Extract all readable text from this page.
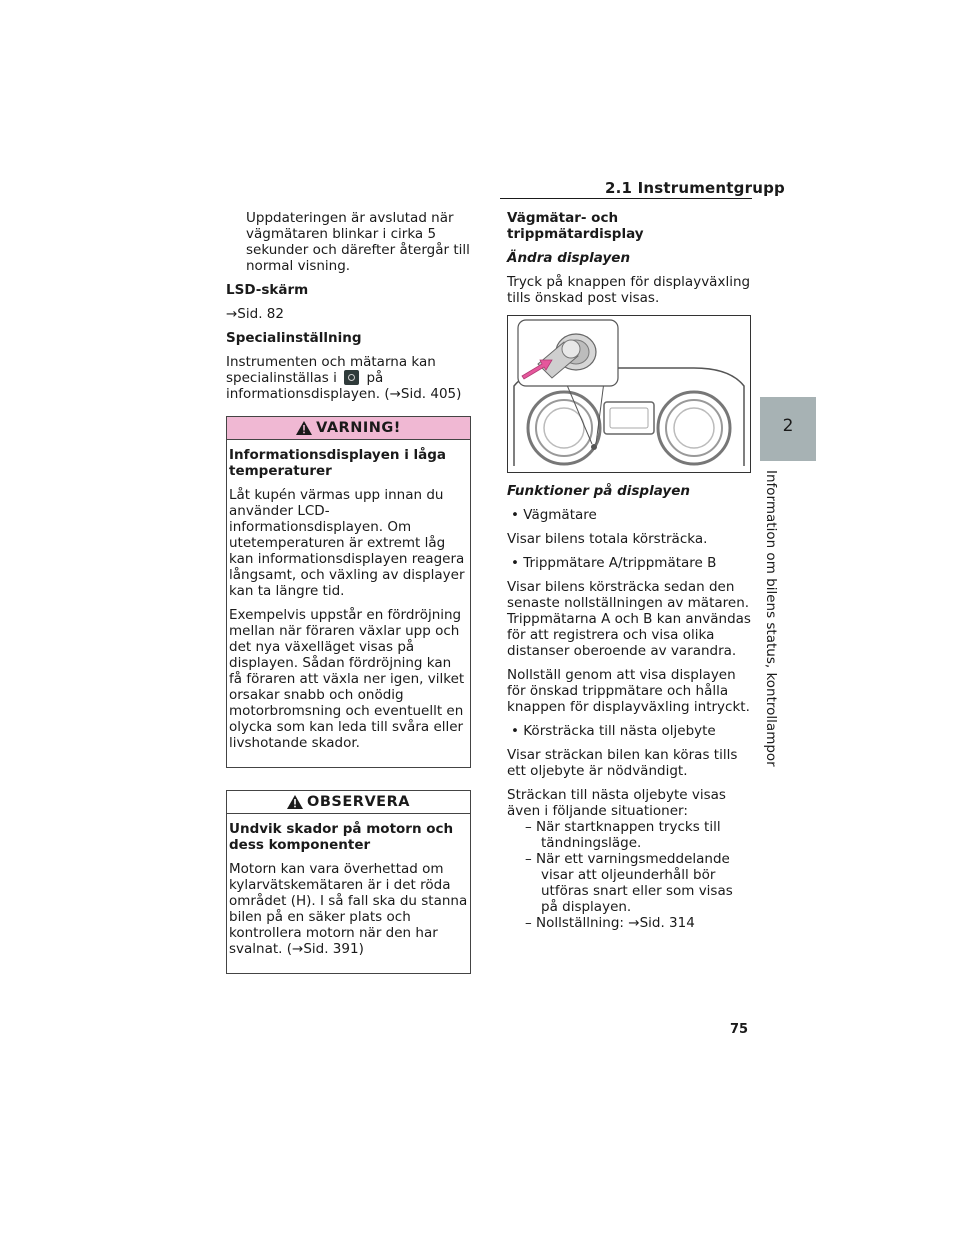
2.1 Instrumentgrupp
2
Information om bilens status, kontrollampor

Uppdateringen är avslutad när vägmätaren blinkar i cirka 5 sekunder och därefter återgår till normal visning.

LSD-skärm

→Sid. 82

Specialinställning

Instrumenten och mätarna kan specialinställas i på informationsdisplayen. (→Sid. 405)

VARNING!

Informationsdisplayen i låga temperaturer

Låt kupén värmas upp innan du använder LCD-informationsdisplayen. Om utetemperaturen är extremt låg kan informationsdisplayen reagera långsamt, och växling av displayer kan ta längre tid.

Exempelvis uppstår en fördröjning mellan när föraren växlar upp och det nya växelläget visas på displayen. Sådan fördröjning kan få föraren att växla ner igen, vilket orsakar snabb och onödig motorbromsning och eventuellt en olycka som kan leda till svåra eller livshotande skador.

OBSERVERA

Undvik skador på motorn och dess komponenter

Motorn kan vara överhettad om kylarvätskemätaren är i det röda området (H). I så fall ska du stanna bilen på en säker plats och kontrollera motorn när den har svalnat. (→Sid. 391)

Vägmätar- och trippmätardisplay

Ändra displayen

Tryck på knappen för displayväxling tills önskad post visas.

Funktioner på displayen

• Vägmätare

Visar bilens totala körsträcka.

• Trippmätare A/trippmätare B

Visar bilens körsträcka sedan den senaste nollställningen av mätaren. Trippmätarna A och B kan användas för att registrera och visa olika distanser oberoende av varandra.

Nollställ genom att visa displayen för önskad trippmätare och hålla knappen för displayväxling intryckt.

• Körsträcka till nästa oljebyte

Visar sträckan bilen kan köras tills ett oljebyte är nödvändigt.

Sträckan till nästa oljebyte visas även i följande situationer:

– När startknappen trycks till tändningsläge.

– När ett varningsmeddelande visar att oljeunderhåll bör utföras snart eller som visas på displayen.

– Nollställning: →Sid. 314

75
